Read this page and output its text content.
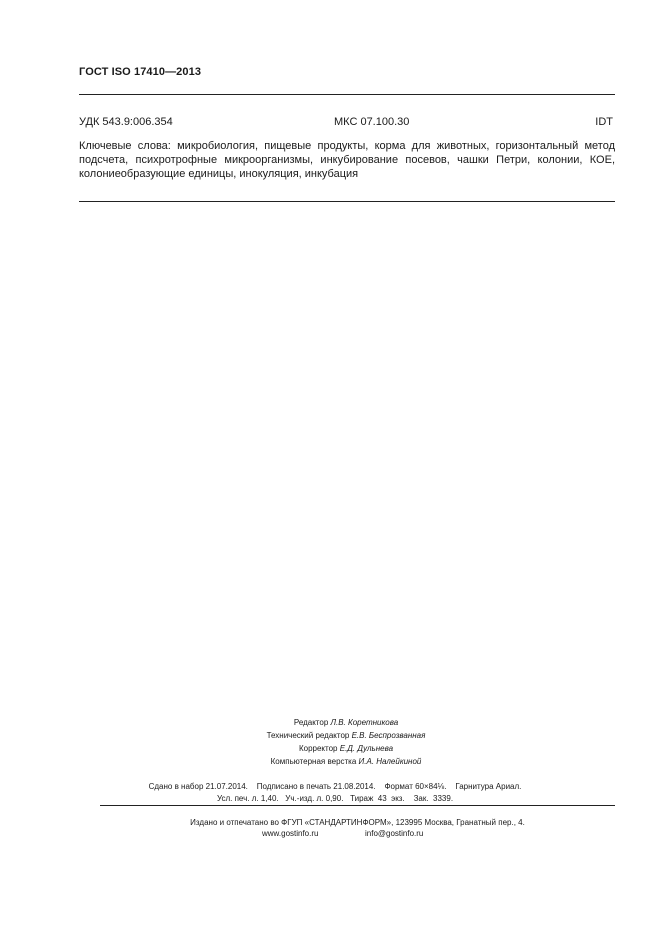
ГОСТ ISO 17410—2013
УДК 543.9:006.354	МКС 07.100.30	IDT
Ключевые слова: микробиология, пищевые продукты, корма для животных, горизонтальный метод подсчета, психротрофные микроорганизмы, инкубирование посевов, чашки Петри, колонии, КОЕ, колониеобразующие единицы, инокуляция, инкубация
Редактор Л.В. Коретникова
Технический редактор Е.В. Беспрозванная
Корректор Е.Д. Дульнева
Компьютерная верстка И.А. Налейкиной
Сдано в набор 21.07.2014.    Подписано в печать 21.08.2014.    Формат 60×84⅛.    Гарнитура Ариал.
Усл. печ. л. 1,40.   Уч.-изд. л. 0,90.   Тираж  43  экз.    Зак.  3339.
Издано и отпечатано во ФГУП «СТАНДАРТИНФОРМ», 123995 Москва, Гранатный пер., 4.
www.gostinfo.ru	info@gostinfo.ru
